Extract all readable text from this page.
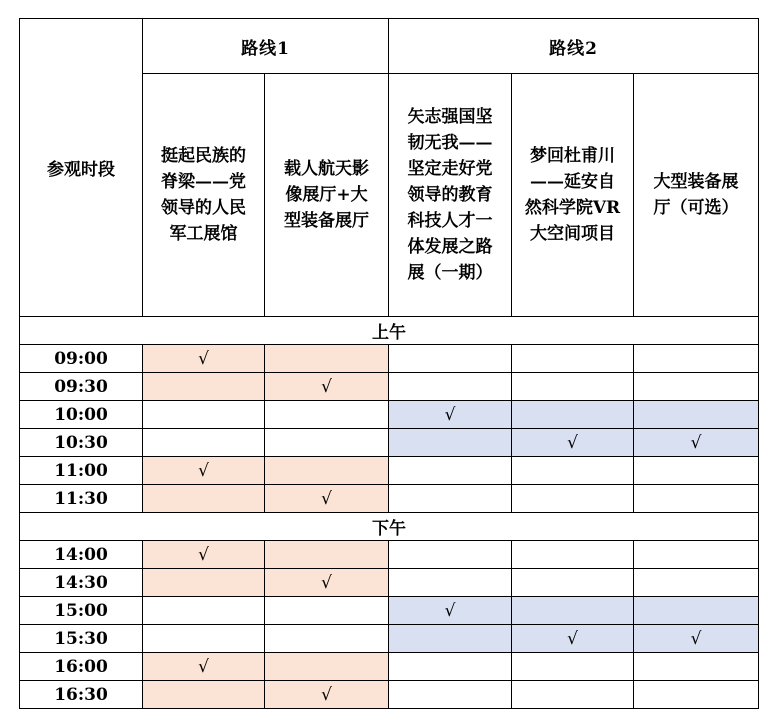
参观时段	路线1		路线2		

	挺起民族的脊梁——党领导的人民军工展馆	载人航天影像展厅+大型装备展厅	矢志强国坚韧无我——坚定走好党领导的教育科技人才一体发展之路展（一期）	梦回杜甫川——延安自然科学院VR大空间项目	大型装备展厅（可选）

上午					
09:00	√				
09:30		√			
10:00			√		
10:30				√	√
11:00	√				
11:30		√			
下午					
14:00	√				
14:30		√			
15:00			√		
15:30				√	√
16:00	√				
16:30		√			
